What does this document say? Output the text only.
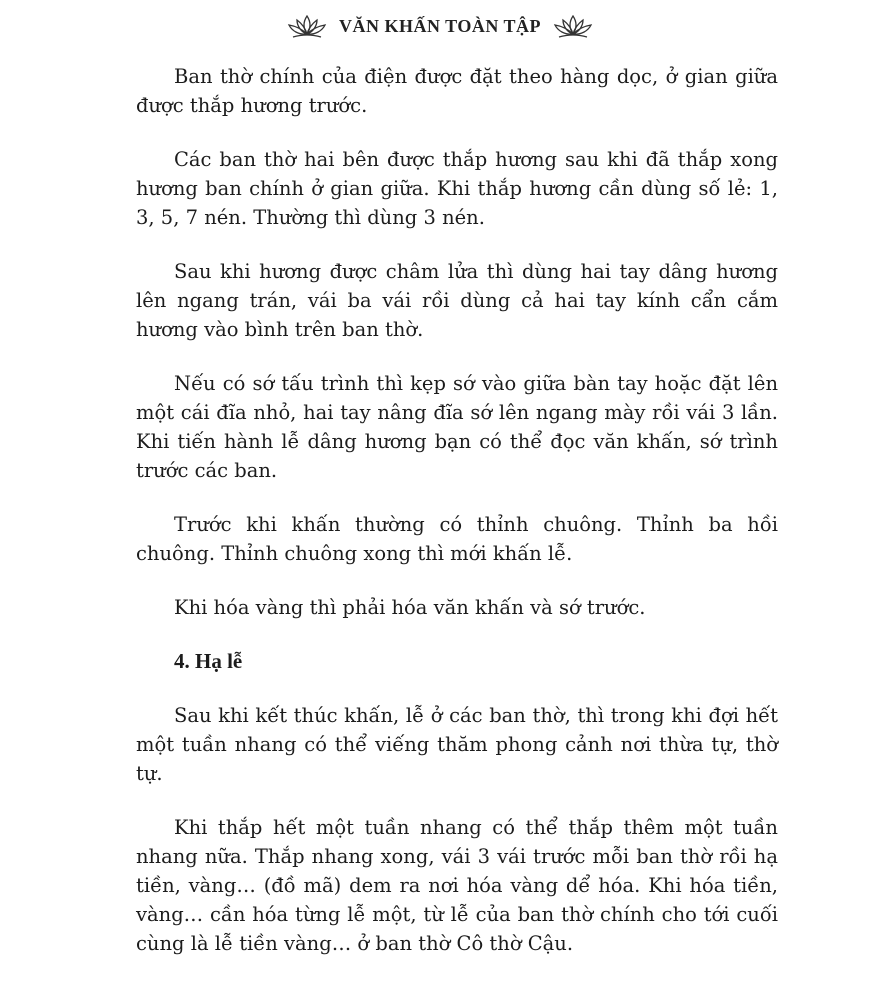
VĂN KHẤN TOÀN TẬP

Ban thờ chính của điện được đặt theo hàng dọc, ở gian giữa được thắp hương trước.

Các ban thờ hai bên được thắp hương sau khi đã thắp xong hương ban chính ở gian giữa. Khi thắp hương cần dùng số lẻ: 1, 3, 5, 7 nén. Thường thì dùng 3 nén.

Sau khi hương được châm lửa thì dùng hai tay dâng hương lên ngang trán, vái ba vái rồi dùng cả hai tay kính cẩn cắm hương vào bình trên ban thờ.

Nếu có sớ tấu trình thì kẹp sớ vào giữa bàn tay hoặc đặt lên một cái đĩa nhỏ, hai tay nâng đĩa sớ lên ngang mày rồi vái 3 lần. Khi tiến hành lễ dâng hương bạn có thể đọc văn khấn, sớ trình trước các ban.

Trước khi khấn thường có thỉnh chuông. Thỉnh ba hồi chuông. Thỉnh chuông xong thì mới khấn lễ.

Khi hóa vàng thì phải hóa văn khấn và sớ trước.

4. Hạ lễ

Sau khi kết thúc khấn, lễ ở các ban thờ, thì trong khi đợi hết một tuần nhang có thể viếng thăm phong cảnh nơi thừa tự, thờ tự.

Khi thắp hết một tuần nhang có thể thắp thêm một tuần nhang nữa. Thắp nhang xong, vái 3 vái trước mỗi ban thờ rồi hạ tiền, vàng… (đồ mã) dem ra nơi hóa vàng dể hóa. Khi hóa tiền, vàng… cần hóa từng lễ một, từ lễ của ban thờ chính cho tới cuối cùng là lễ tiền vàng… ở ban thờ Cô thờ Cậu.
